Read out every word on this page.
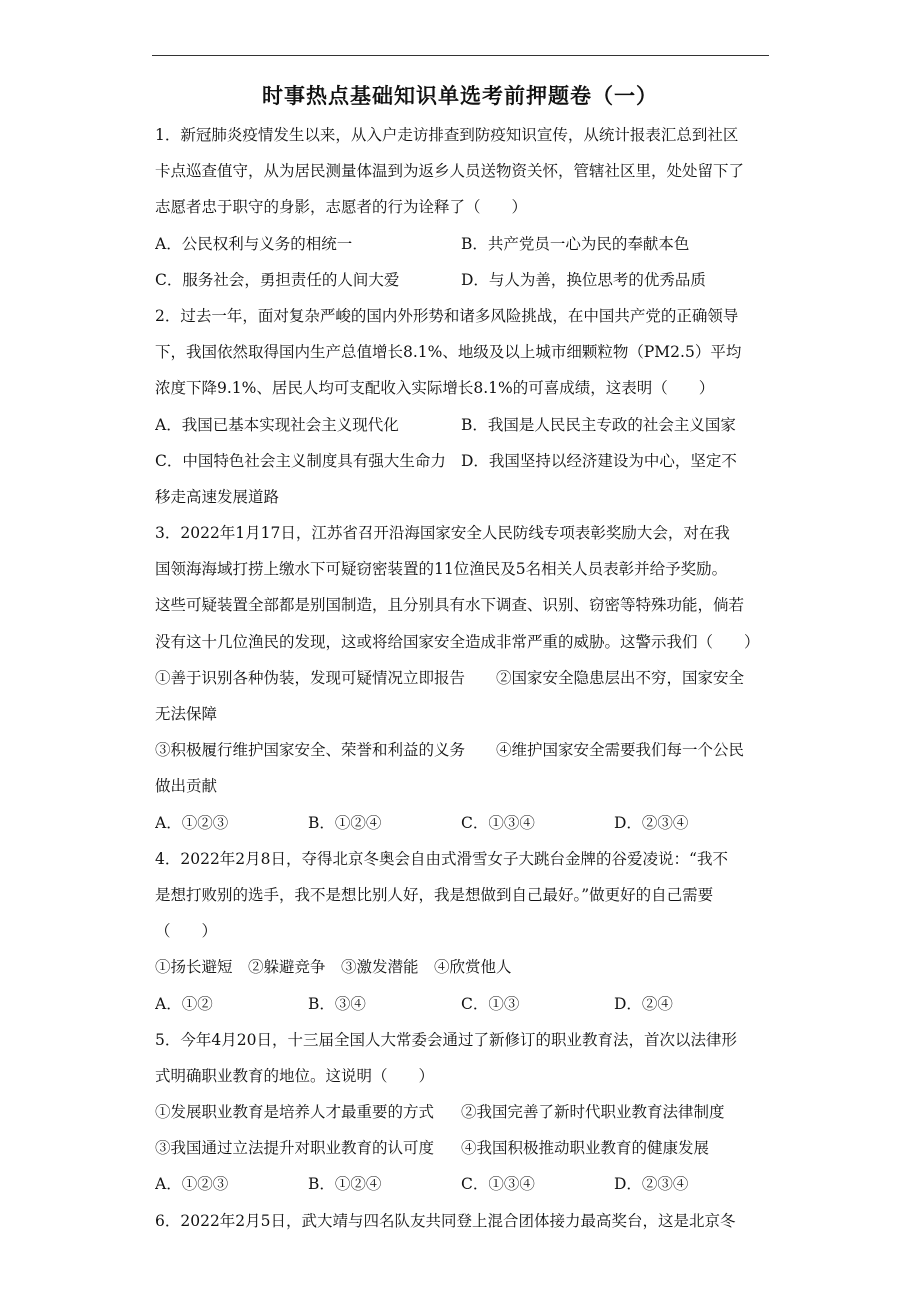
时事热点基础知识单选考前押题卷（一）
1．新冠肺炎疫情发生以来，从入户走访排查到防疫知识宣传，从统计报表汇总到社区
卡点巡查值守，从为居民测量体温到为返乡人员送物资关怀，管辖社区里，处处留下了
志愿者忠于职守的身影，志愿者的行为诠释了（　　）
A．公民权利与义务的相统一	B．共产党员一心为民的奉献本色
C．服务社会，勇担责任的人间大爱	D．与人为善，换位思考的优秀品质
2．过去一年，面对复杂严峻的国内外形势和诸多风险挑战，在中国共产党的正确领导
下，我国依然取得国内生产总值增长8.1%、地级及以上城市细颗粒物（PM2.5）平均
浓度下降9.1%、居民人均可支配收入实际增长8.1%的可喜成绩，这表明（　　）
A．我国已基本实现社会主义现代化	B．我国是人民民主专政的社会主义国家
C．中国特色社会主义制度具有强大生命力 D．我国坚持以经济建设为中心，坚定不
移走高速发展道路
3．2022年1月17日，江苏省召开沿海国家安全人民防线专项表彰奖励大会，对在我
国领海海域打捞上缴水下可疑窃密装置的11位渔民及5名相关人员表彰并给予奖励。
这些可疑装置全部都是别国制造，且分别具有水下调查、识别、窃密等特殊功能，倘若
没有这十几位渔民的发现，这或将给国家安全造成非常严重的威胁。这警示我们（　　）
①善于识别各种伪装，发现可疑情况立即报告　　②国家安全隐患层出不穷，国家安全
无法保障
③积极履行维护国家安全、荣誉和利益的义务　　④维护国家安全需要我们每一个公民
做出贡献
A．①②③	B．①②④	C．①③④	D．②③④
4．2022年2月8日，夺得北京冬奥会自由式滑雪女子大跳台金牌的谷爱凌说：“我不
是想打败别的选手，我不是想比别人好，我是想做到自己最好。”做更好的自己需要
（　　）
①扬长避短　②躲避竞争　③激发潜能　④欣赏他人
A．①②	B．③④	C．①③	D．②④
5．今年4月20日，十三届全国人大常委会通过了新修订的职业教育法，首次以法律形
式明确职业教育的地位。这说明（　　）
①发展职业教育是培养人才最重要的方式	②我国完善了新时代职业教育法律制度
③我国通过立法提升对职业教育的认可度	④我国积极推动职业教育的健康发展
A．①②③	B．①②④	C．①③④	D．②③④
6．2022年2月5日，武大靖与四名队友共同登上混合团体接力最高奖台，这是北京冬
